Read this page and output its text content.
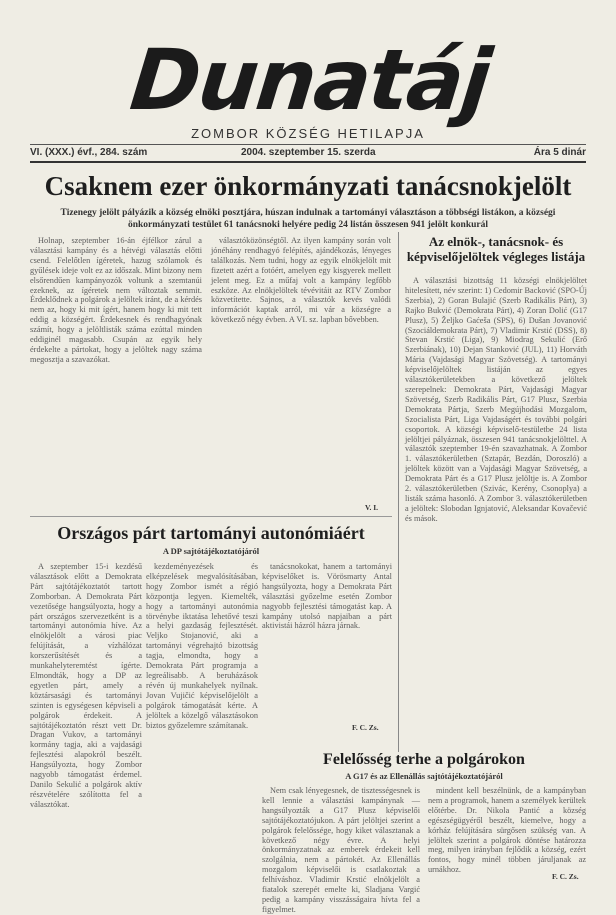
Dunatáj
ZOMBOR KÖZSÉG HETILAPJA
VI. (XXX.) évf., 284. szám	2004. szeptember 15. szerda	Ára 5 dinár
Csaknem ezer önkormányzati tanácsnokjelölt
Tizenegy jelölt pályázik a község elnöki posztjára, húszan indulnak a tartományi választáson a többségi listákon, a községi önkormányzati testület 61 tanácsnoki helyére pedig 24 listán összesen 941 jelölt konkurál

Holnap, szeptember 16-án éjfélkor zárul a választási kampány és a hétvégi választás előtti csend. Felelőtlen ígéretek, hazug szólamok és gyűlések ideje volt ez az időszak. Mint bizony nem elsőrendűen kampányozók voltunk a szemtanúi ezeknek, az ígéretek nem változtak semmit. Érdeklődnek a polgárok a jelöltek iránt, de a kérdés nem az, hogy ki mit ígért, hanem hogy ki mit tett eddig a községért. Érdekesnek és rendhagyónak számít, hogy a jelöltlisták száma ezúttal minden eddiginél magasabb. Csupán az egyik hely érdekelte a pártokat, hogy a jelöltek nagy száma megosztja a szavazókat.

választóközönségtől. Az ilyen kampány során volt jónéhány rendhagyó felépítés, ajándékozás, lényeges találkozás. Nem tudni, hogy az egyik elnökjelölt mit fizetett azért a fotóért, amelyen egy kisgyerek mellett jelent meg. Ez a műfaj volt a kampány legfőbb eszköze. Az elnökjelöltek tévévitáit az RTV Zombor közvetítette. Sajnos, a választók kevés valódi információt kaptak arról, mi vár a községre a következő négy évben. A VI. sz. lapban bővebben.

V. I.
Az elnök-, tanácsnok- és képviselőjelöltek végleges listája

A választási bizottság 11 községi elnökjelöltet hitelesített, név szerint: 1) Cedomir Backović (SPO-Új Szerbia), 2) Goran Bulajić (Szerb Radikális Párt), 3) Rajko Bukvić (Demokrata Párt), 4) Zoran Dolić (G17 Plusz), 5) Željko Gaćeša (SPS), 6) Dušan Jovanović (Szociáldemokrata Párt), 7) Vladimir Krstić (DSS), 8) Stevan Krstić (Liga), 9) Miodrag Sekulić (Erő Szerbiának), 10) Dejan Stanković (JUL), 11) Horváth Mária (Vajdasági Magyar Szövetség). A tartományi képviselőjelöltek listáján az egyes választókerületekben a következő jelöltek szerepelnek: Demokrata Párt, Vajdasági Magyar Szövetség, Szerb Radikális Párt, G17 Plusz, Szerbia Demokrata Pártja, Szerb Megújhodási Mozgalom, Szocialista Párt, Liga Vajdaságért és további polgári csoportok. A községi képviselő-testületbe 24 lista jelöltjei pályáznak, összesen 941 tanácsnokjelölttel. A választók szeptember 19-én szavazhatnak. A Zombor 1. választókerületben (Sztapár, Bezdán, Doroszló) a jelöltek között van a Vajdasági Magyar Szövetség, a Demokrata Párt és a G17 Plusz jelöltje is. A Zombor 2. választókerületben (Szivác, Kerény, Csonoplya) a listák száma hasonló. A Zombor 3. választókerületben a jelöltek: Slobodan Ignjatović, Aleksandar Kovačević és mások.

Országos párt tartományi autonómiáért
A DP sajtótájékoztatójáról

A szeptember 15-i kezdésű választások előtt a Demokrata Párt sajtótájékoztatót tartott Zomborban. A Demokrata Párt vezetősége hangsúlyozta, hogy a párt országos szervezetként is a tartományi autonómia híve. Az elnökjelölt a városi piac felújítását, a vízhálózat korszerűsítését és a munkahelyteremtést ígérte. Elmondták, hogy a DP az egyetlen párt, amely a köztársasági és tartományi szinten is egységesen képviseli a polgárok érdekeit. A sajtótájékoztatón részt vett Dr. Dragan Vukov, a tartományi kormány tagja, aki a vajdasági fejlesztési alapokról beszélt. Hangsúlyozta, hogy Zombor nagyobb támogatást érdemel. Danilo Sekulić a polgárok aktív részvételére szólította fel a választókat.

kezdeményezések és elképzelések megvalósításában, hogy Zombor ismét a régió központja legyen. Kiemelték, hogy a tartományi autonómia törvénybe iktatása lehetővé teszi a helyi gazdaság fejlesztését. Veljko Stojanović, aki a tartományi végrehajtó bizottság tagja, elmondta, hogy a Demokrata Párt programja a legreálisabb. A beruházások révén új munkahelyek nyílnak. Jovan Vujičić képviselőjelölt a polgárok támogatását kérte. A jelöltek a közelgő választásokon biztos győzelemre számítanak.

tanácsnokokat, hanem a tartományi képviselőket is. Vörösmarty Antal hangsúlyozta, hogy a Demokrata Párt választási győzelme esetén Zombor nagyobb fejlesztési támogatást kap. A kampány utolsó napjaiban a párt aktivistái házról házra járnak.

F. C. Zs.
Felelősség terhe a polgárokon
A G17 és az Ellenállás sajtótájékoztatójáról

Nem csak lényegesnek, de tisztességesnek is kell lennie a választási kampánynak — hangsúlyozták a G17 Plusz képviselői sajtótájékoztatójukon. A párt jelöltjei szerint a polgárok felelőssége, hogy kiket választanak a következő négy évre. A helyi önkormányzatnak az emberek érdekeit kell szolgálnia, nem a pártokét. Az Ellenállás mozgalom képviselői is csatlakoztak a felhíváshoz. Vladimir Krstić elnökjelölt a fiatalok szerepét emelte ki, Sladjana Vargić pedig a kampány visszásságaira hívta fel a figyelmet.

mindent kell beszélnünk, de a kampányban nem a programok, hanem a személyek kerültek előtérbe. Dr. Nikola Pantić a község egészségügyéről beszélt, kiemelve, hogy a kórház felújítására sürgősen szükség van. A jelöltek szerint a polgárok döntése határozza meg, milyen irányban fejlődik a község, ezért fontos, hogy minél többen járuljanak az urnákhoz.

F. C. Zs.
